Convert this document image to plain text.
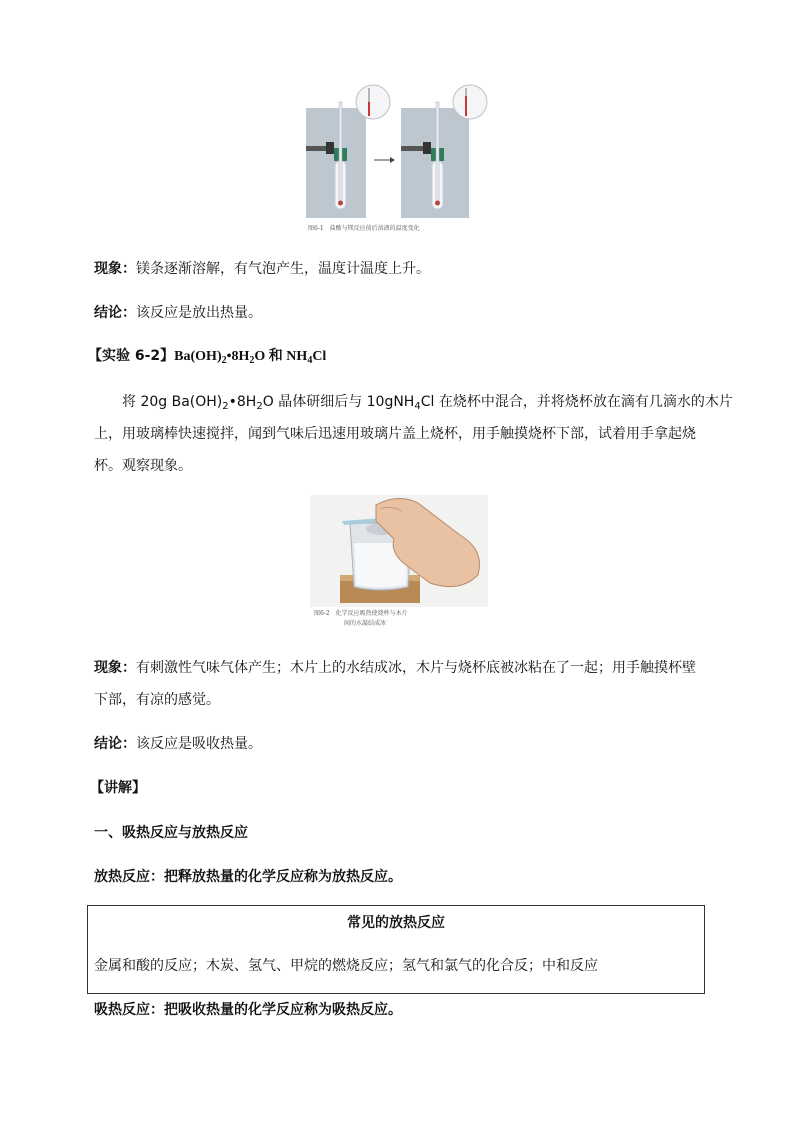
图6-1　盐酸与镁反应前后溶液的温度变化
现象：镁条逐渐溶解，有气泡产生，温度计温度上升。
结论：该反应是放出热量。
【实验 6-2】$Ba(OH)_2•8H_2O$ 和 $NH_4Cl$
将 20g $Ba(OH)_2•8H_2O$ 晶体研细后与 10gNH$_4$Cl 在烧杯中混合，并将烧杯放在滴有几滴水的木片
上，用玻璃棒快速搅拌，闻到气味后迅速用玻璃片盖上烧杯，用手触摸烧杯下部，试着用手拿起烧
杯。观察现象。
图6-2　化学反应吸热使烧杯与木片
间的水凝结成冰
现象：有刺激性气味气体产生；木片上的水结成冰，木片与烧杯底被冰粘在了一起；用手触摸杯壁
下部，有凉的感觉。
结论：该反应是吸收热量。
【讲解】
一、吸热反应与放热反应
放热反应：把释放热量的化学反应称为放热反应。
常见的放热反应
金属和酸的反应；木炭、氢气、甲烷的燃烧反应；氢气和氯气的化合反；中和反应
吸热反应：把吸收热量的化学反应称为吸热反应。
